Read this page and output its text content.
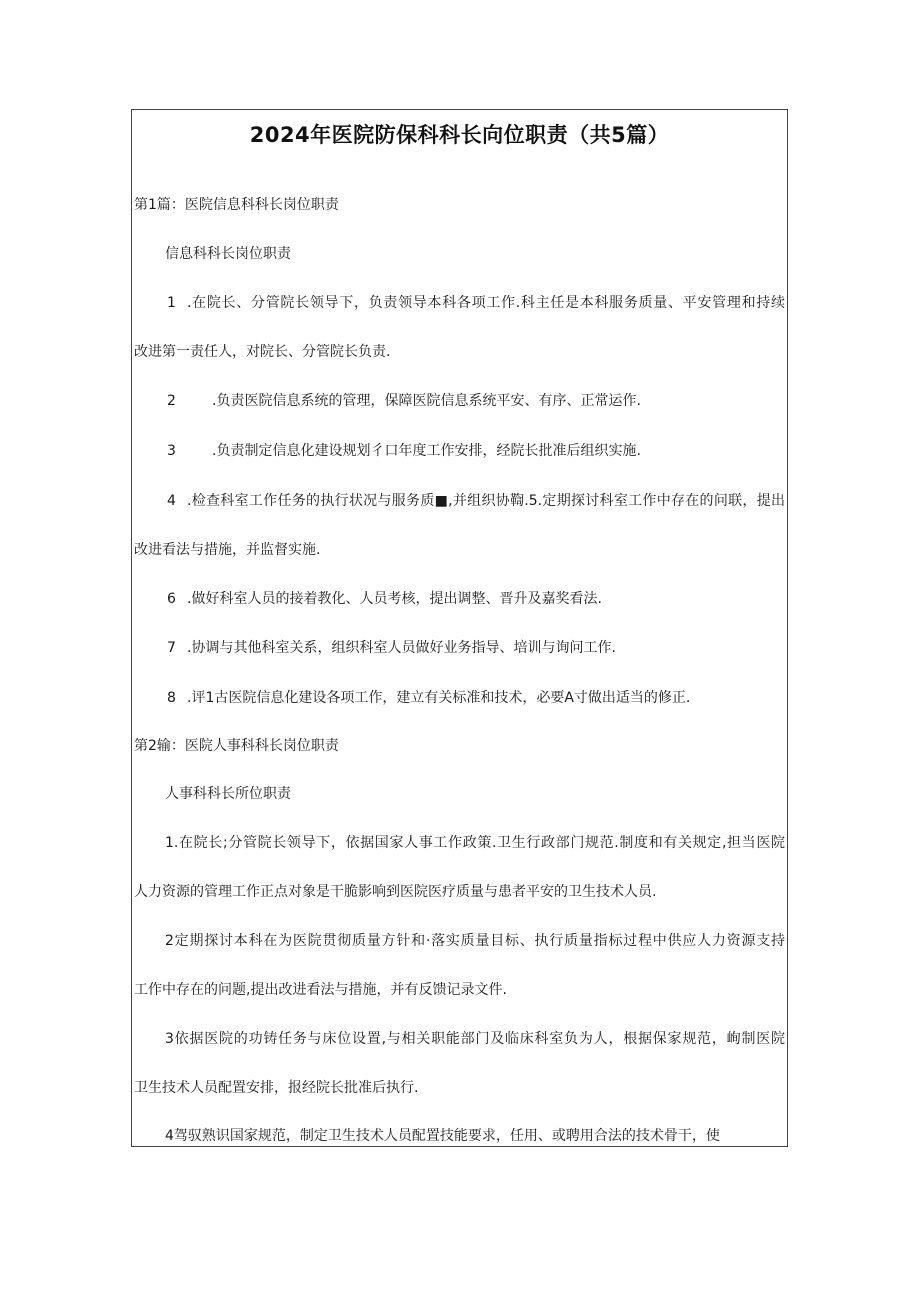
2024年医院防保科科长向位职责（共5篇）
第1篇：医院信息科科长岗位职责
信息科科长岗位职责
1 .在院长、分管院长领导下，负责领导本科各项工作.科主任是本科服务质量、平安管理和持续
改进第一责任人，对院长、分管院长负责.
2	.负责医院信息系统的管理，保障医院信息系统平安、有序、正常运作.
3	.负责制定信息化建设规划彳口年度工作安排，经院长批准后组织实施.
4 .检查科室工作任务的执行状况与服务质■,并组织协鞫.5.定期探讨科室工作中存在的问联，提出
改进看法与措施，并监督实施.
6 .做好科室人员的接着教化、人员考核，提出调整、晋升及嘉奖看法.
7 .协调与其他科室关系，组织科室人员做好业务指导、培训与询问工作.
8 .评1古医院信息化建设各项工作，建立有关标准和技术，必要A寸做出适当的修正.
第2输：医院人事科科长岗位职责
人事科科长所位职责
1.在院长;分管院长领导下，依据国家人事工作政策.卫生行政部门规范.制度和有关规定,担当医院
人力资源的管理工作正点对象是干脆影响到医院医疗质量与患者平安的卫生技术人员.
2定期探讨本科在为医院贯彻质量方针和·落实质量目标、执行质量指标过程中供应人力资源支持
工作中存在的问题,提出改进看法与措施，并有反馈记录文件.
3依据医院的功铸任务与床位设置,与相关职能部门及临床科室负为人，根据保家规范，峋制医院
卫生技术人员配置安排，报经院长批准后执行.
4驾驭熟识国家规范，制定卫生技术人员配置技能要求，任用、或聘用合法的技术骨干，使
